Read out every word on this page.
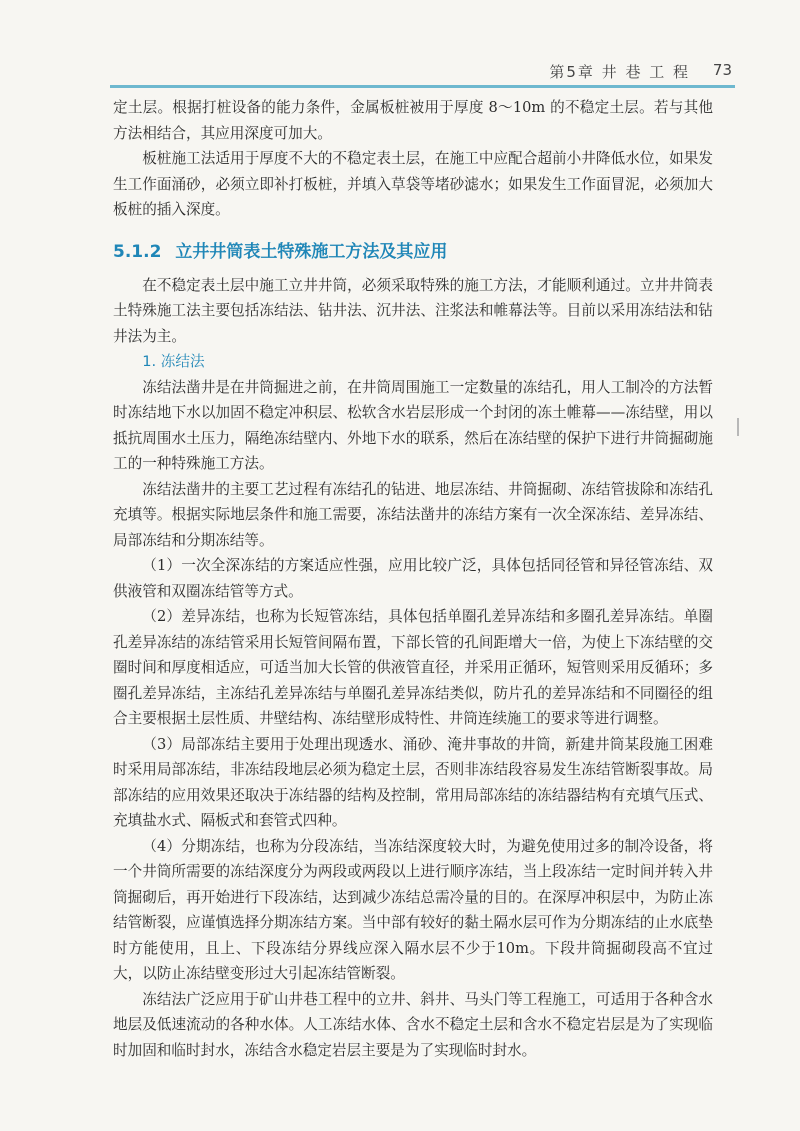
第5章 井 巷 工 程 73

定土层。根据打桩设备的能力条件，金属板桩被用于厚度 8～10m 的不稳定土层。若与其他方法相结合，其应用深度可加大。

板桩施工法适用于厚度不大的不稳定表土层，在施工中应配合超前小井降低水位，如果发生工作面涌砂，必须立即补打板桩，并填入草袋等堵砂滤水；如果发生工作面冒泥，必须加大板桩的插入深度。

5.1.2 立井井筒表土特殊施工方法及其应用

在不稳定表土层中施工立井井筒，必须采取特殊的施工方法，才能顺利通过。立井井筒表土特殊施工法主要包括冻结法、钻井法、沉井法、注浆法和帷幕法等。目前以采用冻结法和钻井法为主。

1. 冻结法

冻结法凿井是在井筒掘进之前，在井筒周围施工一定数量的冻结孔，用人工制冷的方法暂时冻结地下水以加固不稳定冲积层、松软含水岩层形成一个封闭的冻土帷幕——冻结壁，用以抵抗周围水土压力，隔绝冻结壁内、外地下水的联系，然后在冻结壁的保护下进行井筒掘砌施工的一种特殊施工方法。

冻结法凿井的主要工艺过程有冻结孔的钻进、地层冻结、井筒掘砌、冻结管拔除和冻结孔充填等。根据实际地层条件和施工需要，冻结法凿井的冻结方案有一次全深冻结、差异冻结、局部冻结和分期冻结等。

（1）一次全深冻结的方案适应性强，应用比较广泛，具体包括同径管和异径管冻结、双供液管和双圈冻结管等方式。

（2）差异冻结，也称为长短管冻结，具体包括单圈孔差异冻结和多圈孔差异冻结。单圈孔差异冻结的冻结管采用长短管间隔布置，下部长管的孔间距增大一倍，为使上下冻结壁的交圈时间和厚度相适应，可适当加大长管的供液管直径，并采用正循环，短管则采用反循环；多圈孔差异冻结，主冻结孔差异冻结与单圈孔差异冻结类似，防片孔的差异冻结和不同圈径的组合主要根据土层性质、井壁结构、冻结壁形成特性、井筒连续施工的要求等进行调整。

（3）局部冻结主要用于处理出现透水、涌砂、淹井事故的井筒，新建井筒某段施工困难时采用局部冻结，非冻结段地层必须为稳定土层，否则非冻结段容易发生冻结管断裂事故。局部冻结的应用效果还取决于冻结器的结构及控制，常用局部冻结的冻结器结构有充填气压式、充填盐水式、隔板式和套管式四种。

（4）分期冻结，也称为分段冻结，当冻结深度较大时，为避免使用过多的制冷设备，将一个井筒所需要的冻结深度分为两段或两段以上进行顺序冻结，当上段冻结一定时间并转入井筒掘砌后，再开始进行下段冻结，达到减少冻结总需冷量的目的。在深厚冲积层中，为防止冻结管断裂，应谨慎选择分期冻结方案。当中部有较好的黏土隔水层可作为分期冻结的止水底垫时方能使用，且上、下段冻结分界线应深入隔水层不少于10m。下段井筒掘砌段高不宜过大，以防止冻结壁变形过大引起冻结管断裂。

冻结法广泛应用于矿山井巷工程中的立井、斜井、马头门等工程施工，可适用于各种含水地层及低速流动的各种水体。人工冻结水体、含水不稳定土层和含水不稳定岩层是为了实现临时加固和临时封水，冻结含水稳定岩层主要是为了实现临时封水。
